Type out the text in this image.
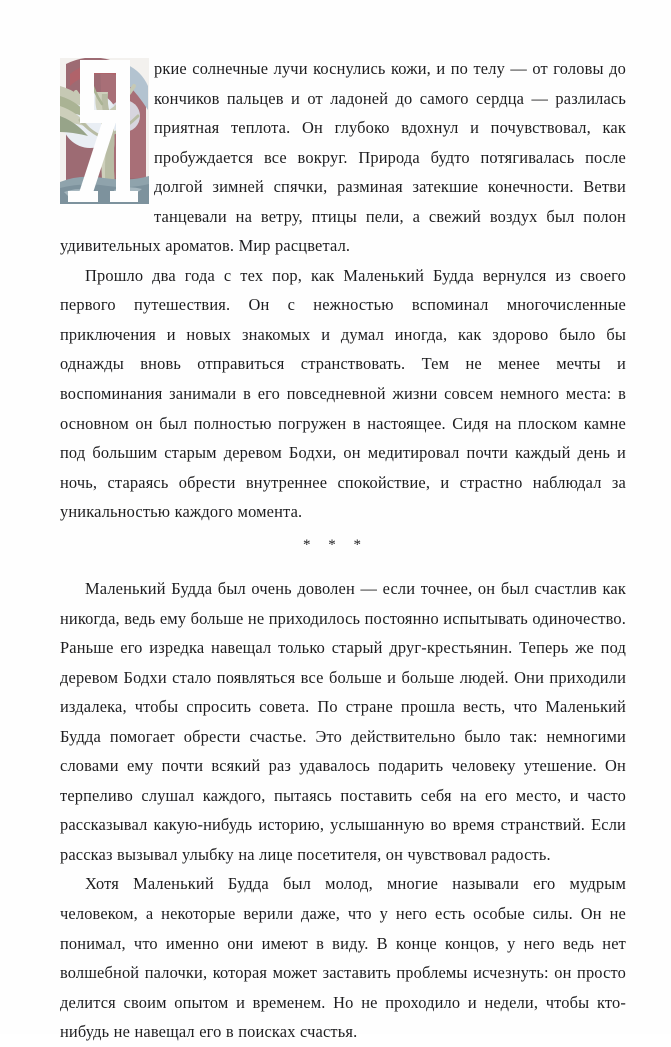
ркие солнечные лучи коснулись кожи, и по телу — от головы до кончиков пальцев и от ладоней до самого сердца — разлилась приятная теплота. Он глубоко вдохнул и почувствовал, как пробуждается все вокруг. Природа будто потягивалась после долгой зимней спячки, разминая затекшие конечности. Ветви танцевали на ветру, птицы пели, а свежий воздух был полон удивительных ароматов. Мир расцветал.

Прошло два года с тех пор, как Маленький Будда вернулся из своего первого путешествия. Он с нежностью вспоминал многочисленные приключения и новых знакомых и думал иногда, как здорово было бы однажды вновь отправиться странствовать. Тем не менее мечты и воспоминания занимали в его повседневной жизни совсем немного места: в основном он был полностью погружен в настоящее. Сидя на плоском камне под большим старым деревом Бодхи, он медитировал почти каждый день и ночь, стараясь обрести внутреннее спокойствие, и страстно наблюдал за уникальностью каждого момента.

* * *

Маленький Будда был очень доволен — если точнее, он был счастлив как никогда, ведь ему больше не приходилось постоянно испытывать одиночество. Раньше его изредка навещал только старый друг-крестьянин. Теперь же под деревом Бодхи стало появляться все больше и больше людей. Они приходили издалека, чтобы спросить совета. По стране прошла весть, что Маленький Будда помогает обрести счастье. Это действительно было так: немногими словами ему почти всякий раз удавалось подарить человеку утешение. Он терпеливо слушал каждого, пытаясь поставить себя на его место, и часто рассказывал какую-нибудь историю, услышанную во время странствий. Если рассказ вызывал улыбку на лице посетителя, он чувствовал радость.

Хотя Маленький Будда был молод, многие называли его мудрым человеком, а некоторые верили даже, что у него есть особые силы. Он не понимал, что именно они имеют в виду. В конце концов, у него ведь нет волшебной палочки, которая может заставить проблемы исчезнуть: он просто делится своим опытом и временем. Но не проходило и недели, чтобы кто-нибудь не навещал его в поисках счастья.
